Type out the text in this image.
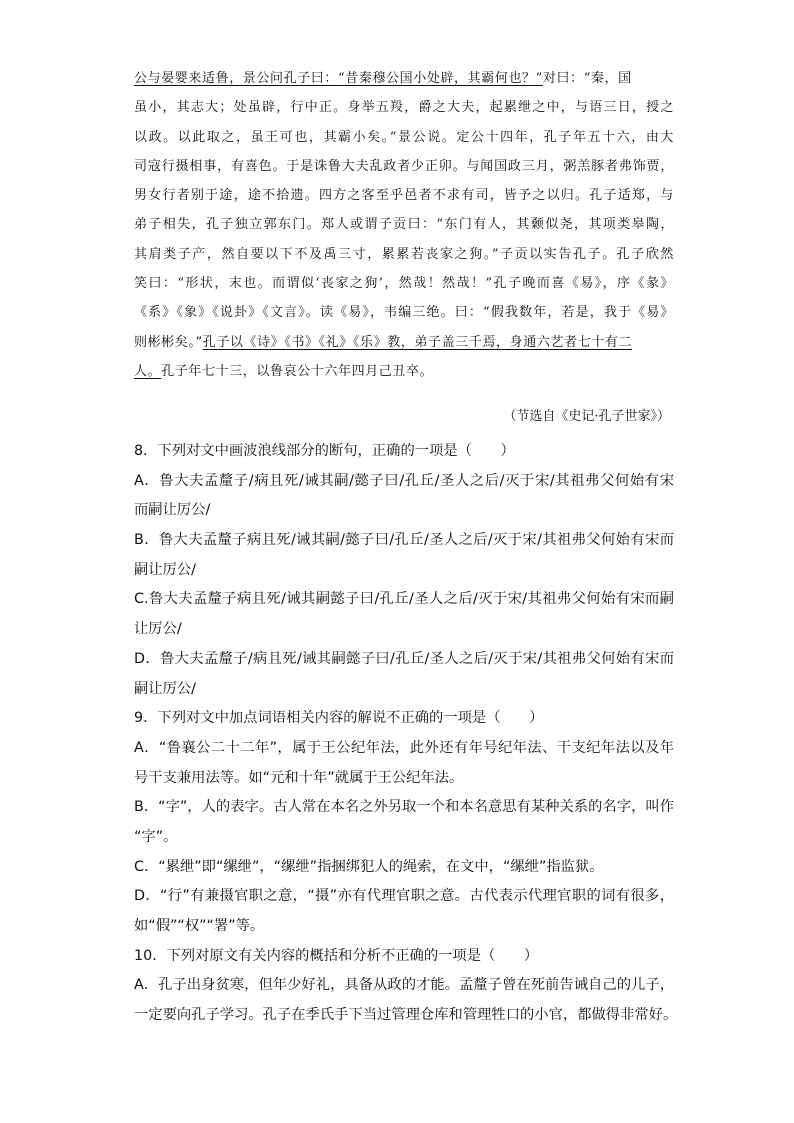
公与晏婴来适鲁，景公问孔子曰：“昔秦穆公国小处辟，其霸何也？”对曰：“秦，国
虽小，其志大；处虽辟，行中正。身举五羖，爵之大夫，起累绁之中，与语三日，授之
以政。以此取之，虽王可也，其霸小矣。”景公说。定公十四年，孔子年五十六，由大
司寇行摄相事，有喜色。于是诛鲁大夫乱政者少正卯。与闻国政三月，粥羔豚者弗饰贾，
男女行者别于途，途不拾遗。四方之客至乎邑者不求有司，皆予之以归。孔子适郑，与
弟子相失，孔子独立郭东门。郑人或谓子贡曰：“东门有人，其颡似尧，其项类皋陶，
其肩类子产，然自要以下不及禹三寸，累累若丧家之狗。”子贡以实告孔子。孔子欣然
笑曰：“形状，末也。而谓似‘丧家之狗’，然哉！然哉！”孔子晚而喜《易》，序《彖》
《系》《象》《说卦》《文言》。读《易》，韦编三绝。曰：“假我数年，若是，我于《易》
则彬彬矣。”孔子以《诗》《书》《礼》《乐》教，弟子盖三千焉，身通六艺者七十有二
人。孔子年七十三，以鲁哀公十六年四月己丑卒。
（节选自《史记·孔子世家》）
8．下列对文中画波浪线部分的断句，正确的一项是（　　）
A．鲁大夫孟釐子/病且死/诫其嗣/懿子曰/孔丘/圣人之后/灭于宋/其祖弗父何始有宋
而嗣让厉公/
B．鲁大夫孟釐子病且死/诫其嗣/懿子曰/孔丘/圣人之后/灭于宋/其祖弗父何始有宋而
嗣让厉公/
C.鲁大夫孟釐子病且死/诫其嗣懿子曰/孔丘/圣人之后/灭于宋/其祖弗父何始有宋而嗣
让厉公/
D．鲁大夫孟釐子/病且死/诫其嗣懿子曰/孔丘/圣人之后/灭于宋/其祖弗父何始有宋而
嗣让厉公/
9．下列对文中加点词语相关内容的解说不正确的一项是（　　）
A．“鲁襄公二十二年”，属于王公纪年法，此外还有年号纪年法、干支纪年法以及年
号干支兼用法等。如“元和十年”就属于王公纪年法。
B．“字”，人的表字。古人常在本名之外另取一个和本名意思有某种关系的名字，叫作
“字”。
C．“累绁”即“缧绁”，“缧绁”指捆绑犯人的绳索，在文中，“缧绁”指监狱。
D．“行”有兼摄官职之意，“摄”亦有代理官职之意。古代表示代理官职的词有很多，
如“假”“权”“署”等。
10．下列对原文有关内容的概括和分析不正确的一项是（　　）
A．孔子出身贫寒，但年少好礼，具备从政的才能。孟釐子曾在死前告诫自己的儿子，
一定要向孔子学习。孔子在季氏手下当过管理仓库和管理牲口的小官，都做得非常好。
